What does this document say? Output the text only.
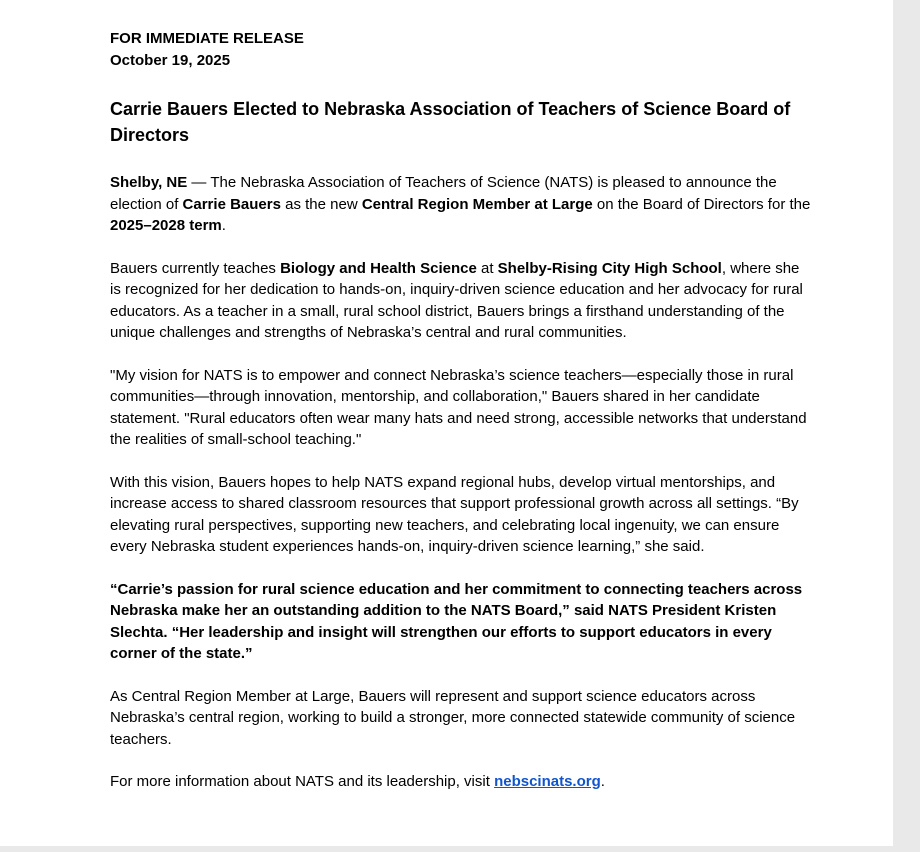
FOR IMMEDIATE RELEASE

October 19, 2025

Carrie Bauers Elected to Nebraska Association of Teachers of Science Board of Directors

Shelby, NE — The Nebraska Association of Teachers of Science (NATS) is pleased to announce the election of Carrie Bauers as the new Central Region Member at Large on the Board of Directors for the 2025–2028 term.

Bauers currently teaches Biology and Health Science at Shelby-Rising City High School, where she is recognized for her dedication to hands-on, inquiry-driven science education and her advocacy for rural educators. As a teacher in a small, rural school district, Bauers brings a firsthand understanding of the unique challenges and strengths of Nebraska’s central and rural communities.

"My vision for NATS is to empower and connect Nebraska’s science teachers—especially those in rural communities—through innovation, mentorship, and collaboration," Bauers shared in her candidate statement. "Rural educators often wear many hats and need strong, accessible networks that understand the realities of small-school teaching."

With this vision, Bauers hopes to help NATS expand regional hubs, develop virtual mentorships, and increase access to shared classroom resources that support professional growth across all settings. “By elevating rural perspectives, supporting new teachers, and celebrating local ingenuity, we can ensure every Nebraska student experiences hands-on, inquiry-driven science learning,” she said.

“Carrie’s passion for rural science education and her commitment to connecting teachers across Nebraska make her an outstanding addition to the NATS Board,” said NATS President Kristen Slechta. “Her leadership and insight will strengthen our efforts to support educators in every corner of the state.”

As Central Region Member at Large, Bauers will represent and support science educators across Nebraska’s central region, working to build a stronger, more connected statewide community of science teachers.

For more information about NATS and its leadership, visit nebscinats.org.
